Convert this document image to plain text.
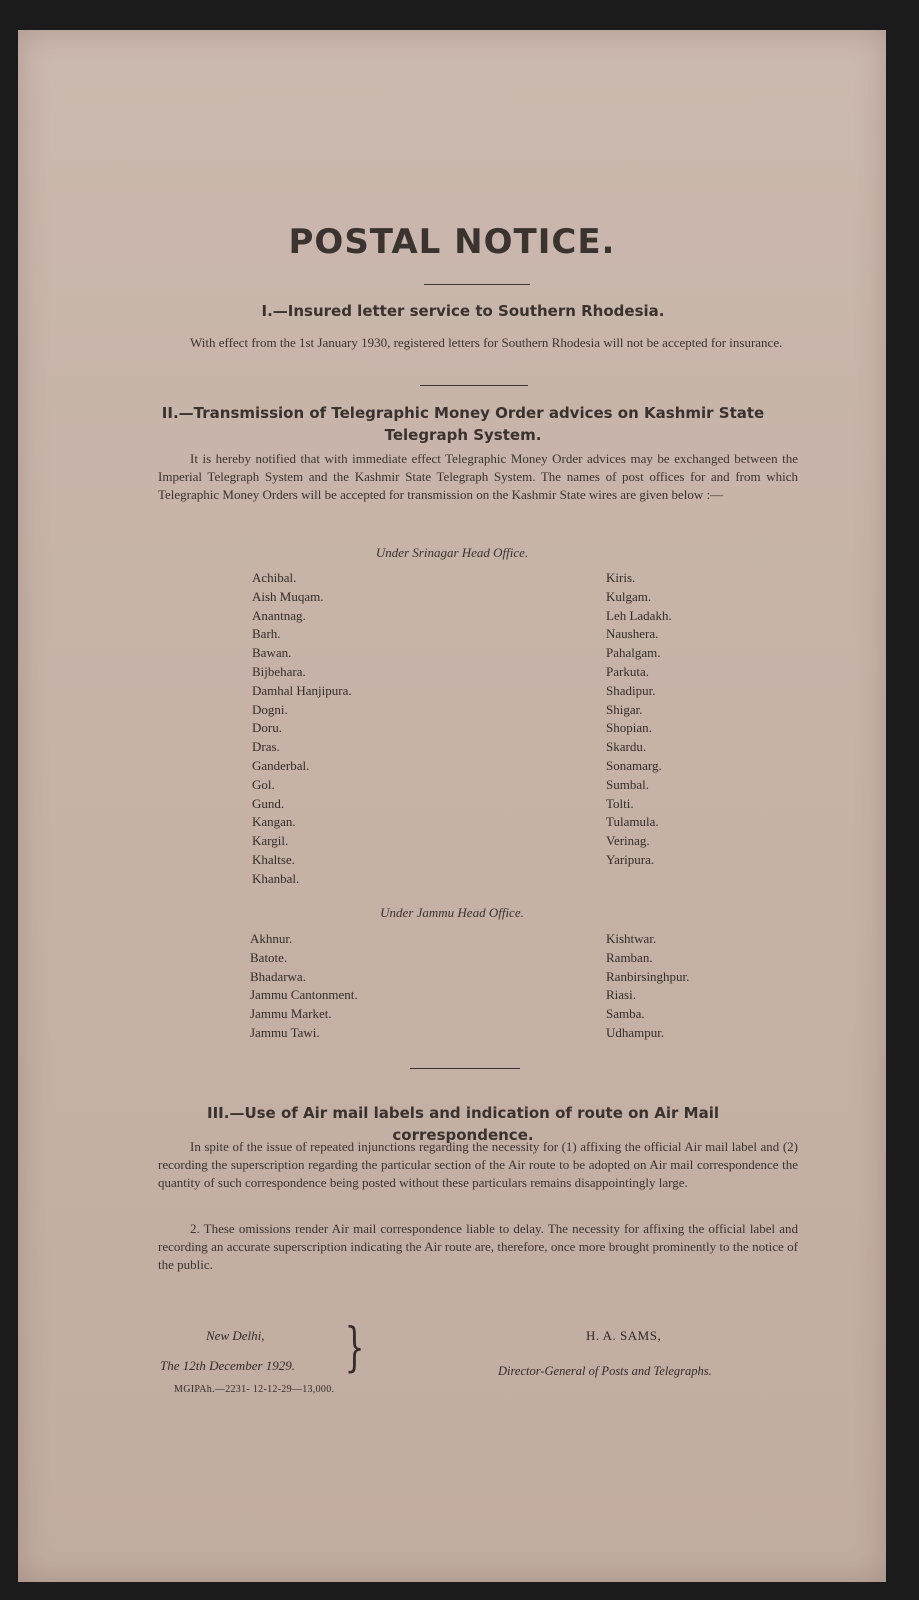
POSTAL NOTICE.
I.—Insured letter service to Southern Rhodesia.
With effect from the 1st January 1930, registered letters for Southern Rhodesia will not be accepted for insurance.
II.—Transmission of Telegraphic Money Order advices on Kashmir State
Telegraph System.
It is hereby notified that with immediate effect Telegraphic Money Order advices may be exchanged between the Imperial Telegraph System and the Kashmir State Telegraph System. The names of post offices for and from which Telegraphic Money Orders will be accepted for transmission on the Kashmir State wires are given below :—
Under Srinagar Head Office.
Achibal.
Aish Muqam.
Anantnag.
Barh.
Bawan.
Bijbehara.
Damhal Hanjipura.
Dogni.
Doru.
Dras.
Ganderbal.
Gol.
Gund.
Kangan.
Kargil.
Khaltse.
Khanbal.
Kiris.
Kulgam.
Leh Ladakh.
Naushera.
Pahalgam.
Parkuta.
Shadipur.
Shigar.
Shopian.
Skardu.
Sonamarg.
Sumbal.
Tolti.
Tulamula.
Verinag.
Yaripura.
Under Jammu Head Office.
Akhnur.
Batote.
Bhadarwa.
Jammu Cantonment.
Jammu Market.
Jammu Tawi.
Kishtwar.
Ramban.
Ranbirsinghpur.
Riasi.
Samba.
Udhampur.
III.—Use of Air mail labels and indication of route on Air Mail correspondence.
In spite of the issue of repeated injunctions regarding the necessity for (1) affixing the official Air mail label and (2) recording the superscription regarding the particular section of the Air route to be adopted on Air mail correspondence the quantity of such correspondence being posted without these particulars remains disappointingly large.
2. These omissions render Air mail correspondence liable to delay. The necessity for affixing the official label and recording an accurate superscription indicating the Air route are, therefore, once more brought prominently to the notice of the public.
New Delhi,
The 12th December 1929. }
MGIPAh.—2231- 12-12-29—13,000.
H. A. SAMS,
Director-General of Posts and Telegraphs.
